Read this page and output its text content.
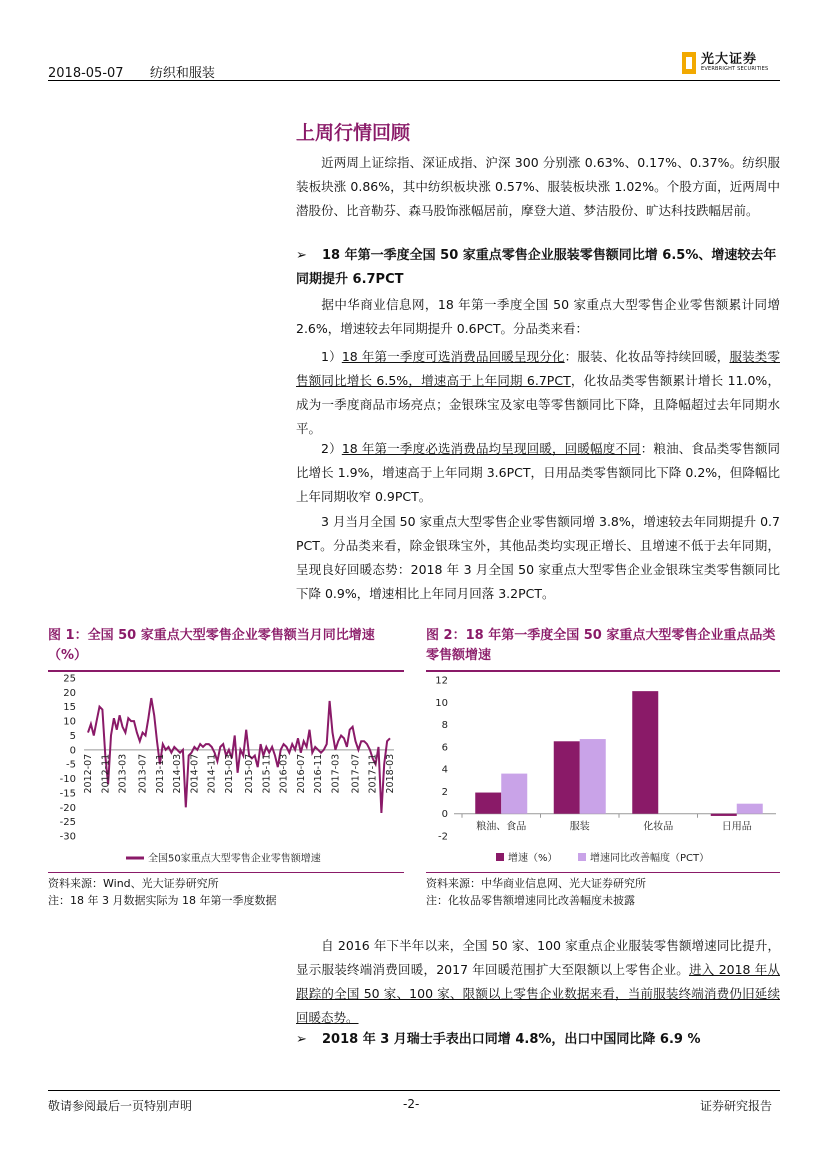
2018-05-07 纺织和服装
光大证券
EVERBRIGHT SECURITIES
上周行情回顾
近两周上证综指、深证成指、沪深 300 分别涨 0.63%、0.17%、0.37%。纺织服装板块涨 0.86%，其中纺织板块涨 0.57%、服装板块涨 1.02%。个股方面，近两周中潜股份、比音勒芬、森马股饰涨幅居前，摩登大道、梦洁股份、旷达科技跌幅居前。
➢ 18 年第一季度全国 50 家重点零售企业服装零售额同比增 6.5%、增速较去年同期提升 6.7PCT
据中华商业信息网，18 年第一季度全国 50 家重点大型零售企业零售额累计同增 2.6%，增速较去年同期提升 0.6PCT。分品类来看：
1）18 年第一季度可选消费品回暖呈现分化：服装、化妆品等持续回暖，服装类零售额同比增长 6.5%，增速高于上年同期 6.7PCT，化妆品类零售额累计增长 11.0%，成为一季度商品市场亮点；金银珠宝及家电等零售额同比下降，且降幅超过去年同期水平。
2）18 年第一季度必选消费品均呈现回暖，回暖幅度不同：粮油、食品类零售额同比增长 1.9%，增速高于上年同期 3.6PCT，日用品类零售额同比下降 0.2%，但降幅比上年同期收窄 0.9PCT。
3 月当月全国 50 家重点大型零售企业零售额同增 3.8%，增速较去年同期提升 0.7 PCT。分品类来看，除金银珠宝外，其他品类均实现正增长、且增速不低于去年同期，呈现良好回暖态势：2018 年 3 月全国 50 家重点大型零售企业金银珠宝类零售额同比下降 0.9%，增速相比上年同月回落 3.2PCT。
图 1：全国 50 家重点大型零售企业零售额当月同比增速（%）
25
20
15
10
5
0
-5
-10
-15
-20
-25
-30
2012-07 2012-11 2013-03 2013-07 2013-11 2014-03 2014-07 2014-11 2015-03 2015-07 2015-11 2016-03 2016-07 2016-11 2017-03 2017-07 2017-11 2018-03
全国50家重点大型零售企业零售额增速
资料来源：Wind、光大证券研究所
注：18 年 3 月数据实际为 18 年第一季度数据
图 2：18 年第一季度全国 50 家重点大型零售企业重点品类零售额增速
12
10
8
6
4
2
0
-2
粮油、食品	服装	化妆品	日用品
增速（%）	增速同比改善幅度（PCT）
资料来源：中华商业信息网、光大证券研究所
注：化妆品零售额增速同比改善幅度未披露
自 2016 年下半年以来，全国 50 家、100 家重点企业服装零售额增速同比提升，显示服装终端消费回暖，2017 年回暖范围扩大至限额以上零售企业。进入 2018 年从跟踪的全国 50 家、100 家、限额以上零售企业数据来看，当前服装终端消费仍旧延续回暖态势。
➢ 2018 年 3 月瑞士手表出口同增 4.8%，出口中国同比降 6.9 %
敬请参阅最后一页特别声明	-2-	证券研究报告
